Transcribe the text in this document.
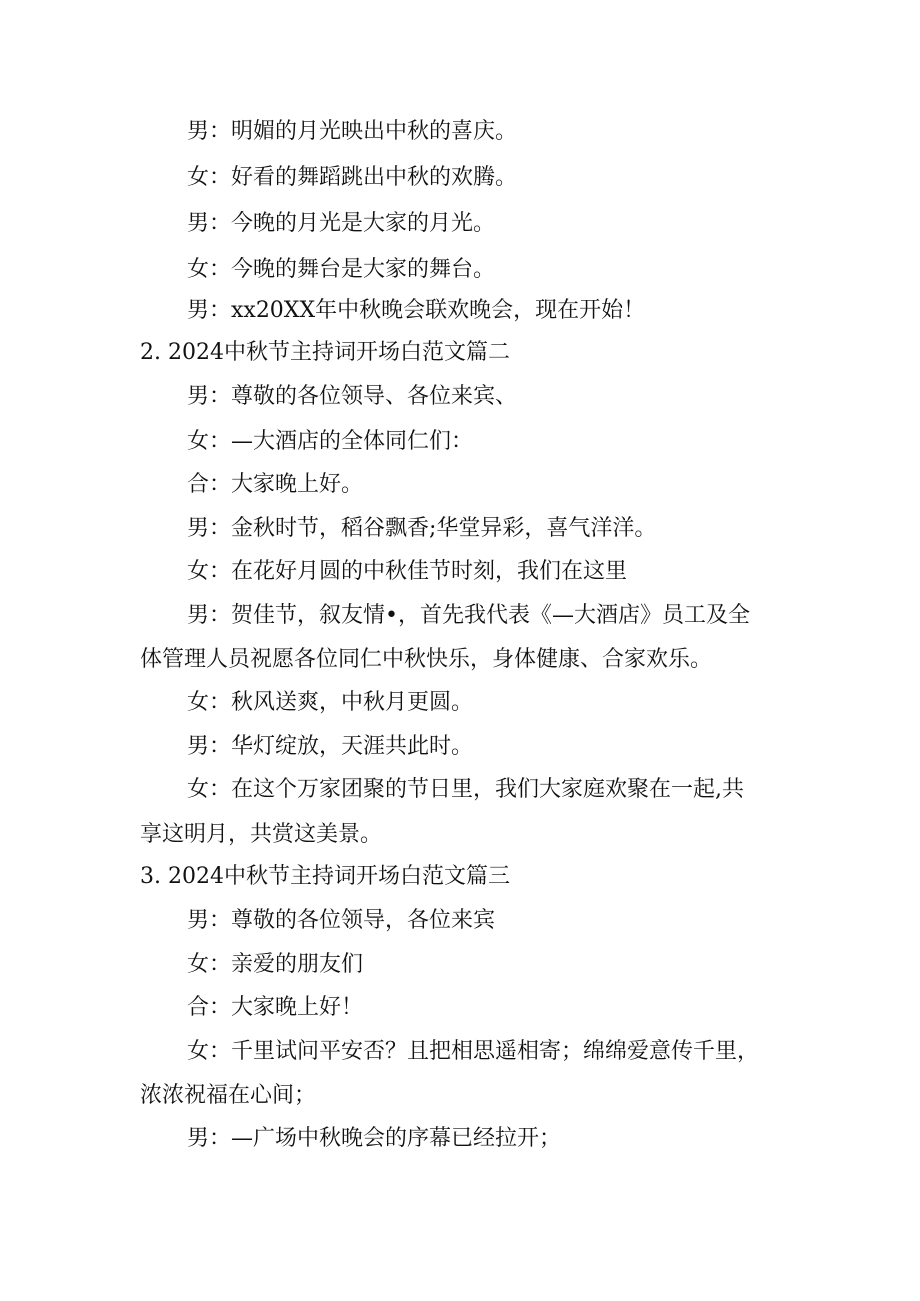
男：明媚的月光映出中秋的喜庆。
女：好看的舞蹈跳出中秋的欢腾。
男：今晚的月光是大家的月光。
女：今晚的舞台是大家的舞台。
男：xx20XX年中秋晚会联欢晚会，现在开始！
2. 2024中秋节主持词开场白范文篇二
男：尊敬的各位领导、各位来宾、
女：—大酒店的全体同仁们：
合：大家晚上好。
男：金秋时节，稻谷飘香;华堂异彩，喜气洋洋。
女：在花好月圆的中秋佳节时刻，我们在这里
男：贺佳节，叙友情•，首先我代表《—大酒店》员工及全
体管理人员祝愿各位同仁中秋快乐，身体健康、合家欢乐。
女：秋风送爽，中秋月更圆。
男：华灯绽放，天涯共此时。
女：在这个万家团聚的节日里，我们大家庭欢聚在一起,共
享这明月，共赏这美景。
3. 2024中秋节主持词开场白范文篇三
男：尊敬的各位领导，各位来宾
女：亲爱的朋友们
合：大家晚上好！
女：千里试问平安否？且把相思遥相寄；绵绵爱意传千里，
浓浓祝福在心间；
男：—广场中秋晚会的序幕已经拉开；
